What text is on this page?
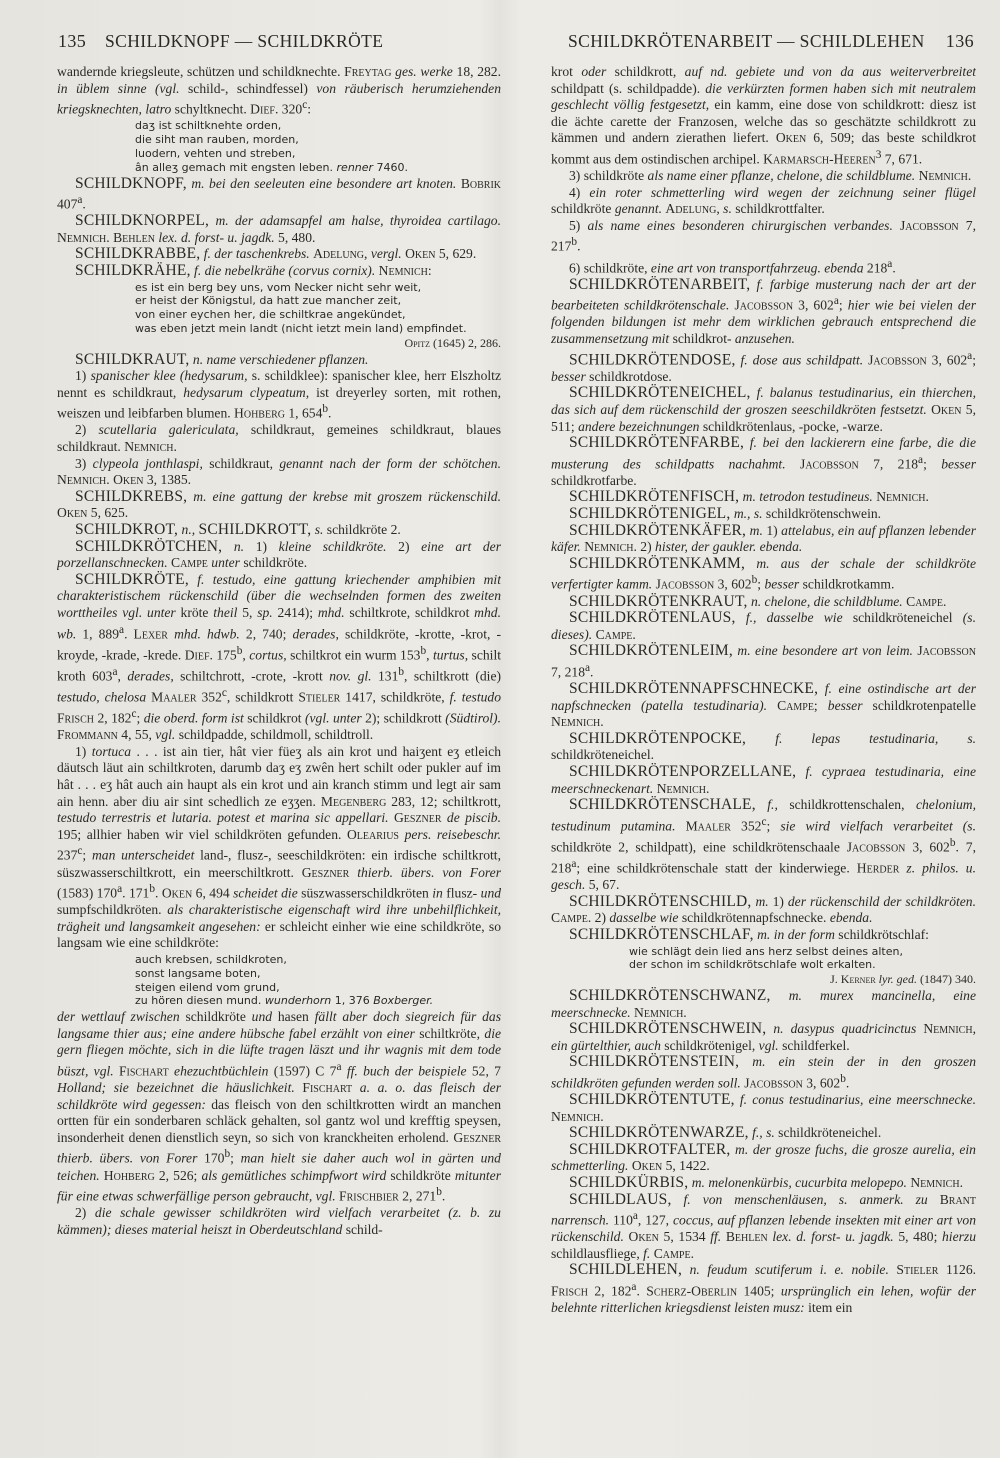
135 SCHILDKNOPF — SCHILDKRÖTE	136
SCHILDKRÖTENARBEIT — SCHILDLEHEN

wandernde kriegsleute, schützen und schildknechte. Freytag ges. werke 18, 282. in üblem sinne (vgl. schild-, schindfessel) von räuberisch herumziehenden kriegsknechten, latro schyltknecht. Dief. 320$^c$:

daʒ ist schiltknehte orden,
die siht man rauben, morden,
luodern, vehten und streben,
ân alleʒ gemach mit engsten leben. renner 7460.

SCHILDKNOPF, m. bei den seeleuten eine besondere art knoten. Bobrik 407$^a$.

SCHILDKNORPEL, m. der adamsapfel am halse, thyroidea cartilago. Nemnich. Behlen lex. d. forst- u. jagdk. 5, 480.

SCHILDKRABBE, f. der taschenkrebs. Adelung, vergl. Oken 5, 629.

SCHILDKRÄHE, f. die nebelkrähe (corvus cornix). Nemnich:

es ist ein berg bey uns, vom Necker nicht sehr weit,
er heist der Königstul, da hatt zue mancher zeit,
von einer eychen her, die schiltkrae angekündet,
was eben jetzt mein landt (nicht ietzt mein land) empfindet.

Opitz (1645) 2, 286.

SCHILDKRAUT, n. name verschiedener pflanzen.

1) spanischer klee (hedysarum, s. schildklee): spanischer klee, herr Elszholtz nennt es schildkraut, hedysarum clypeatum, ist dreyerley sorten, mit rothen, weiszen und leibfarben blumen. Hohberg 1, 654$^b$.

2) scutellaria galericulata, schildkraut, gemeines schildkraut, blaues schildkraut. Nemnich.

3) clypeola jonthlaspi, schildkraut, genannt nach der form der schötchen. Nemnich. Oken 3, 1385.

SCHILDKREBS, m. eine gattung der krebse mit groszem rückenschild. Oken 5, 625.

SCHILDKROT, n., SCHILDKROTT, s. schildkröte 2.

SCHILDKRÖTCHEN, n. 1) kleine schildkröte. 2) eine art der porzellanschnecken. Campe unter schildkröte.

SCHILDKRÖTE, f. testudo, eine gattung kriechender amphibien mit charakteristischem rückenschild (über die wechselnden formen des zweiten worttheiles vgl. unter kröte theil 5, sp. 2414); mhd. schiltkrote, schildkrot mhd. wb. 1, 889$^a$. Lexer mhd. hdwb. 2, 740; derades, schildkröte, -krotte, -krot, -kroyde, -krade, -krede. Dief. 175$^b$, cortus, schiltkrot ein wurm 153$^b$, turtus, schilt kroth 603$^a$, derades, schiltchrott, -crote, -krott nov. gl. 131$^b$, schiltkrott (die) testudo, chelosa Maaler 352$^c$, schildkrott Stieler 1417, schildkröte, f. testudo Frisch 2, 182$^c$; die oberd. form ist schildkrot (vgl. unter 2); schildkrott (Südtirol). Frommann 4, 55, vgl. schildpadde, schildmoll, schildtroll.

1) tortuca . . . ist ain tier, hât vier füeʒ als ain krot und haiʒent eʒ etleich däutsch läut ain schiltkroten, darumb daʒ eʒ zwên hert schilt oder pukler auf im hât . . . eʒ hât auch ain haupt als ein krot und ain kranch stimm und legt air sam ain henn. aber diu air sint schedlich ze eʒʒen. Megenberg 283, 12; schiltkrott, testudo terrestris et lutaria. potest et marina sic appellari. Geszner de piscib. 195; allhier haben wir viel schildkröten gefunden. Olearius pers. reisebeschr. 237$^c$; man unterscheidet land-, flusz-, seeschildkröten: ein irdische schiltkrott, süszwasserschiltkrott, ein meerschiltkrott. Geszner thierb. übers. von Forer (1583) 170$^a$. 171$^b$. Oken 6, 494 scheidet die süszwasserschildkröten in flusz- und sumpfschildkröten. als charakteristische eigenschaft wird ihre unbehilflichkeit, trägheit und langsamkeit angesehen: er schleicht einher wie eine schildkröte, so langsam wie eine schildkröte:

auch krebsen, schildkroten,
sonst langsame boten,
steigen eilend vom grund,
zu hören diesen mund. wunderhorn 1, 376 Boxberger.

der wettlauf zwischen schildkröte und hasen fällt aber doch siegreich für das langsame thier aus; eine andere hübsche fabel erzählt von einer schiltkröte, die gern fliegen möchte, sich in die lüfte tragen läszt und ihr wagnis mit dem tode büszt, vgl. Fischart ehezuchtbüchlein (1597) C 7$^a$ ff. buch der beispiele 52, 7 Holland; sie bezeichnet die häuslichkeit. Fischart a. a. o. das fleisch der schildkröte wird gegessen: das fleisch von den schiltkrotten wirdt an manchen ortten für ein sonderbaren schläck gehalten, sol gantz wol und krefftig speysen, insonderheit denen dienstlich seyn, so sich von kranckheiten erholend. Geszner thierb. übers. von Forer 170$^b$; man hielt sie daher auch wol in gärten und teichen. Hohberg 2, 526; als gemütliches schimpfwort wird schildkröte mitunter für eine etwas schwerfällige person gebraucht, vgl. Frischbier 2, 271$^b$.

2) die schale gewisser schildkröten wird vielfach verarbeitet (z. b. zu kämmen); dieses material heiszt in Oberdeutschland schild-

krot oder schildkrott, auf nd. gebiete und von da aus weiterverbreitet schildpatt (s. schildpadde). die verkürzten formen haben sich mit neutralem geschlecht völlig festgesetzt, ein kamm, eine dose von schildkrott: diesz ist die ächte carette der Franzosen, welche das so geschätzte schildkrott zu kämmen und andern zierathen liefert. Oken 6, 509; das beste schildkrot kommt aus dem ostindischen archipel. Karmarsch-Heeren$^3$ 7, 671.

3) schildkröte als name einer pflanze, chelone, die schildblume. Nemnich.

4) ein roter schmetterling wird wegen der zeichnung seiner flügel schildkröte genannt. Adelung, s. schildkrottfalter.

5) als name eines besonderen chirurgischen verbandes. Jacobsson 7, 217$^b$.

6) schildkröte, eine art von transportfahrzeug. ebenda 218$^a$.

SCHILDKRÖTENARBEIT, f. farbige musterung nach der art der bearbeiteten schildkrötenschale. Jacobsson 3, 602$^a$; hier wie bei vielen der folgenden bildungen ist mehr dem wirklichen gebrauch entsprechend die zusammensetzung mit schildkrot- anzusehen.

SCHILDKRÖTENDOSE, f. dose aus schildpatt. Jacobsson 3, 602$^a$; besser schildkrotdose.

SCHILDKRÖTENEICHEL, f. balanus testudinarius, ein thierchen, das sich auf dem rückenschild der groszen seeschildkröten festsetzt. Oken 5, 511; andere bezeichnungen schildkrötenlaus, -pocke, -warze.

SCHILDKRÖTENFARBE, f. bei den lackierern eine farbe, die die musterung des schildpatts nachahmt. Jacobsson 7, 218$^a$; besser schildkrotfarbe.

SCHILDKRÖTENFISCH, m. tetrodon testudineus. Nemnich.

SCHILDKRÖTENIGEL, m., s. schildkrötenschwein.

SCHILDKRÖTENKÄFER, m. 1) attelabus, ein auf pflanzen lebender käfer. Nemnich. 2) hister, der gaukler. ebenda.

SCHILDKRÖTENKAMM, m. aus der schale der schildkröte verfertigter kamm. Jacobsson 3, 602$^b$; besser schildkrotkamm.

SCHILDKRÖTENKRAUT, n. chelone, die schildblume. Campe.

SCHILDKRÖTENLAUS, f., dasselbe wie schildkröteneichel (s. dieses). Campe.

SCHILDKRÖTENLEIM, m. eine besondere art von leim. Jacobsson 7, 218$^a$.

SCHILDKRÖTENNAPFSCHNECKE, f. eine ostindische art der napfschnecken (patella testudinaria). Campe; besser schildkrotenpatelle Nemnich.

SCHILDKRÖTENPOCKE, f. lepas testudinaria, s. schildkröteneichel.

SCHILDKRÖTENPORZELLANE, f. cypraea testudinaria, eine meerschneckenart. Nemnich.

SCHILDKRÖTENSCHALE, f., schildkrottenschalen, chelonium, testudinum putamina. Maaler 352$^c$; sie wird vielfach verarbeitet (s. schildkröte 2, schildpatt), eine schildkrötenschaale Jacobsson 3, 602$^b$. 7, 218$^a$; eine schildkrötenschale statt der kinderwiege. Herder z. philos. u. gesch. 5, 67.

SCHILDKRÖTENSCHILD, m. 1) der rückenschild der schildkröten. Campe. 2) dasselbe wie schildkrötennapfschnecke. ebenda.

SCHILDKRÖTENSCHLAF, m. in der form schildkrötschlaf:

wie schlägt dein lied ans herz selbst deines alten,
der schon im schildkrötschlafe wolt erkalten.

J. Kerner lyr. ged. (1847) 340.

SCHILDKRÖTENSCHWANZ, m. murex mancinella, eine meerschnecke. Nemnich.

SCHILDKRÖTENSCHWEIN, n. dasypus quadricinctus Nemnich, ein gürtelthier, auch schildkrötenigel, vgl. schildferkel.

SCHILDKRÖTENSTEIN, m. ein stein der in den groszen schildkröten gefunden werden soll. Jacobsson 3, 602$^b$.

SCHILDKRÖTENTUTE, f. conus testudinarius, eine meerschnecke. Nemnich.

SCHILDKRÖTENWARZE, f., s. schildkröteneichel.

SCHILDKROTFALTER, m. der grosze fuchs, die grosze aurelia, ein schmetterling. Oken 5, 1422.

SCHILDKÜRBIS, m. melonenkürbis, cucurbita melopepo. Nemnich.

SCHILDLAUS, f. von menschenläusen, s. anmerk. zu Brant narrensch. 110$^a$, 127, coccus, auf pflanzen lebende insekten mit einer art von rückenschild. Oken 5, 1534 ff. Behlen lex. d. forst- u. jagdk. 5, 480; hierzu schildlausfliege, f. Campe.

SCHILDLEHEN, n. feudum scutiferum i. e. nobile. Stieler 1126. Frisch 2, 182$^a$. Scherz-Oberlin 1405; ursprünglich ein lehen, wofür der belehnte ritterlichen kriegsdienst leisten musz: item ein
